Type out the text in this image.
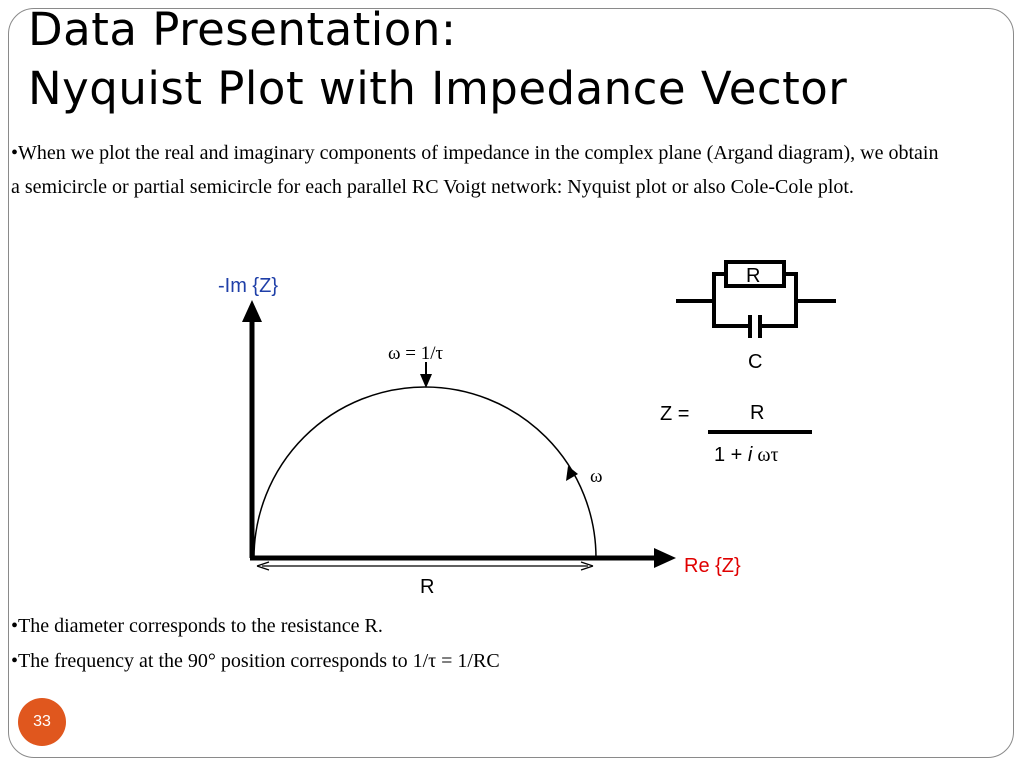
Data Presentation:
Nyquist Plot with Impedance Vector

•When we plot the real and imaginary components of impedance in the complex plane (Argand diagram), we obtain a semicircle or partial semicircle for each parallel RC Voigt network: Nyquist plot or also Cole-Cole plot.

-Im {Z}
Re {Z}
ω = 1/τ
ω
R
R
C
Z =	R
1 + i ωτ

•The diameter corresponds to the resistance R.

•The frequency at the 90° position corresponds to 1/τ = 1/RC

33
